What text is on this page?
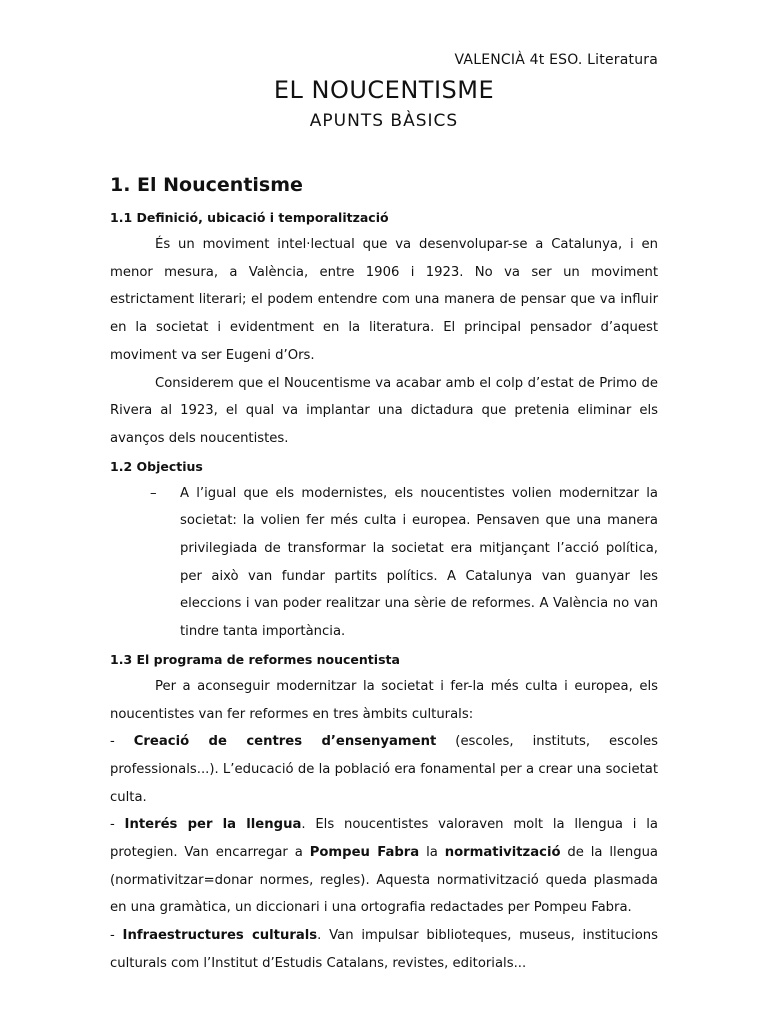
VALENCIÀ 4t ESO. Literatura
EL NOUCENTISME
APUNTS BÀSICS
1. El Noucentisme
1.1 Definició, ubicació i temporalització

És un moviment intel·lectual que va desenvolupar-se a Catalunya, i en menor mesura, a València, entre 1906 i 1923. No va ser un moviment estrictament literari; el podem entendre com una manera de pensar que va influir en la societat i evidentment en la literatura. El principal pensador d’aquest moviment va ser Eugeni d’Ors.

Considerem que el Noucentisme va acabar amb el colp d’estat de Primo de Rivera al 1923, el qual va implantar una dictadura que pretenia eliminar els avanços dels noucentistes.

1.2 Objectius
–	A l’igual que els modernistes, els noucentistes volien modernitzar la societat: la volien fer més culta i europea. Pensaven que una manera privilegiada de transformar la societat era mitjançant l’acció política, per això van fundar partits polítics. A Catalunya van guanyar les eleccions i van poder realitzar una sèrie de reformes. A València no van tindre tanta importància.
1.3 El programa de reformes noucentista

Per a aconseguir modernitzar la societat i fer-la més culta i europea, els noucentistes van fer reformes en tres àmbits culturals:

- Creació de centres d’ensenyament (escoles, instituts, escoles professionals...). L’educació de la població era fonamental per a crear una societat culta.

- Interés per la llengua. Els noucentistes valoraven molt la llengua i la protegien. Van encarregar a Pompeu Fabra la normativització de la llengua (normativitzar=donar normes, regles). Aquesta normativització queda plasmada en una gramàtica, un diccionari i una ortografia redactades per Pompeu Fabra.

- Infraestructures culturals. Van impulsar biblioteques, museus, institucions culturals com l’Institut d’Estudis Catalans, revistes, editorials...
